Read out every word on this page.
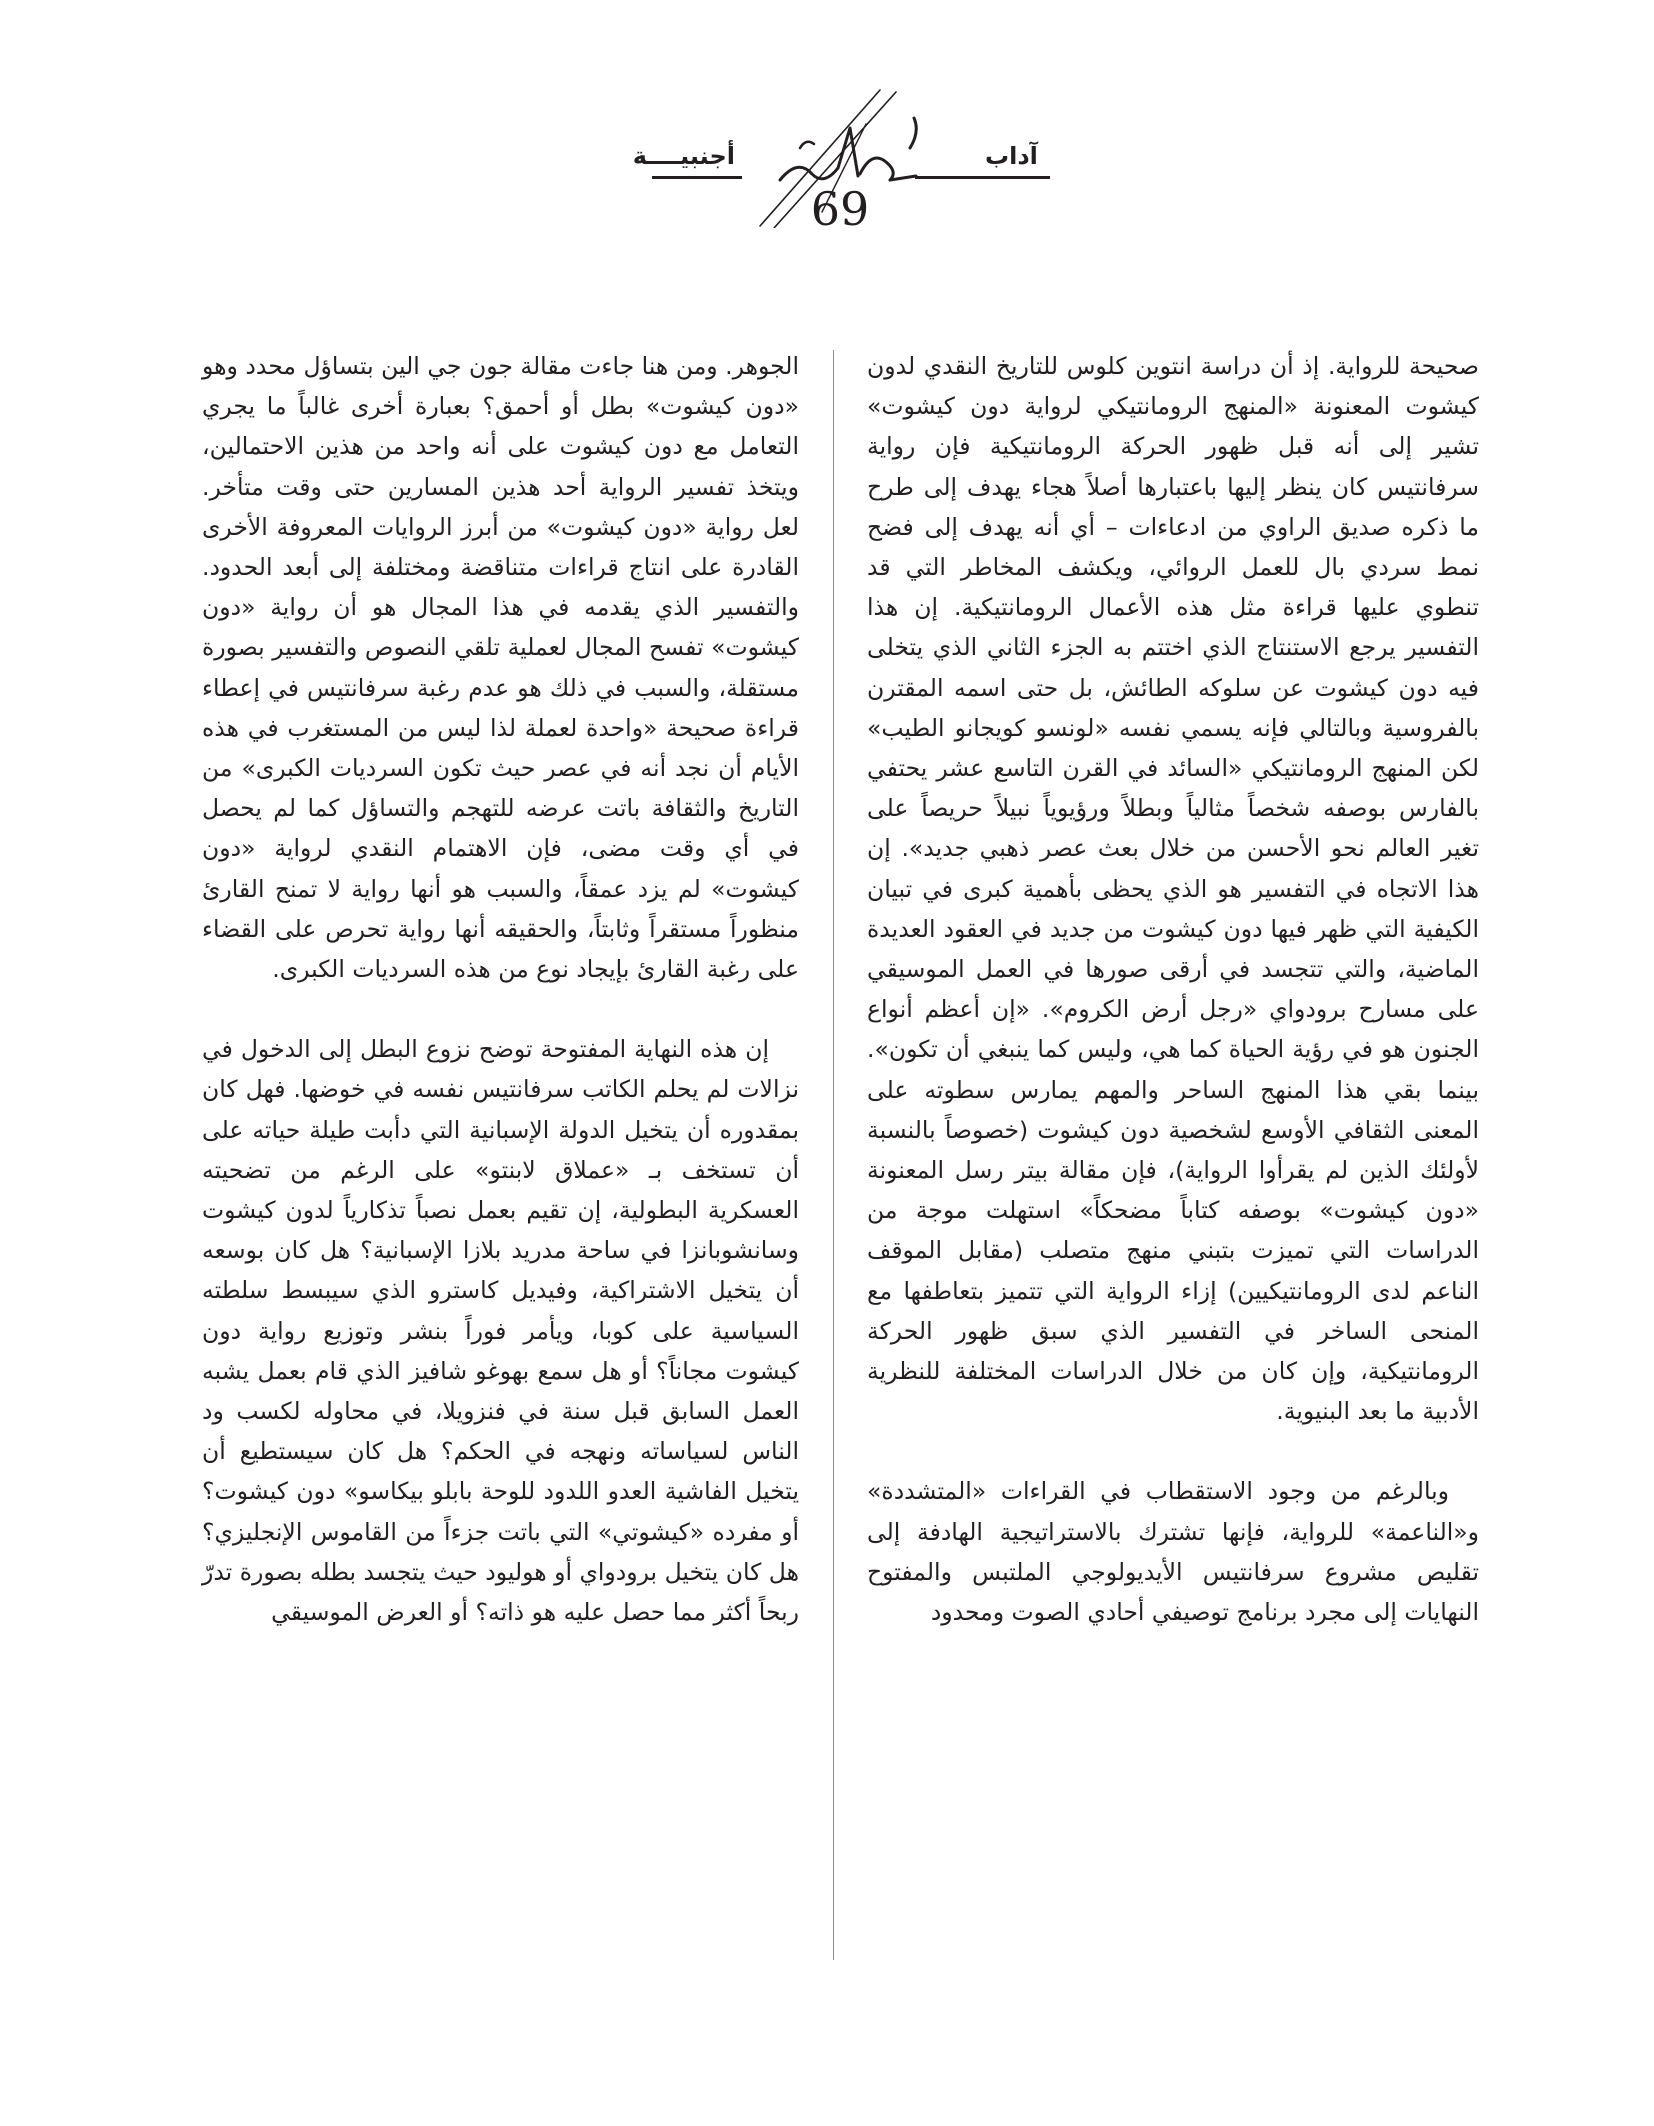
أجنبيــــة	آداب
69

صحيحة للرواية. إذ أن دراسة انتوين كلوس للتاريخ النقدي لدون كيشوت المعنونة «المنهج الرومانتيكي لرواية دون كيشوت» تشير إلى أنه قبل ظهور الحركة الرومانتيكية فإن رواية سرفانتيس كان ينظر إليها باعتبارها أصلاً هجاء يهدف إلى طرح ما ذكره صديق الراوي من ادعاءات – أي أنه يهدف إلى فضح نمط سردي بال للعمل الروائي، ويكشف المخاطر التي قد تنطوي عليها قراءة مثل هذه الأعمال الرومانتيكية. إن هذا التفسير يرجع الاستنتاج الذي اختتم به الجزء الثاني الذي يتخلى فيه دون كيشوت عن سلوكه الطائش، بل حتى اسمه المقترن بالفروسية وبالتالي فإنه يسمي نفسه «لونسو كويجانو الطيب» لكن المنهج الرومانتيكي «السائد في القرن التاسع عشر يحتفي بالفارس بوصفه شخصاً مثالياً وبطلاً ورؤيوياً نبيلاً حريصاً على تغير العالم نحو الأحسن من خلال بعث عصر ذهبي جديد». إن هذا الاتجاه في التفسير هو الذي يحظى بأهمية كبرى في تبيان الكيفية التي ظهر فيها دون كيشوت من جديد في العقود العديدة الماضية، والتي تتجسد في أرقى صورها في العمل الموسيقي على مسارح برودواي «رجل أرض الكروم». «إن أعظم أنواع الجنون هو في رؤية الحياة كما هي، وليس كما ينبغي أن تكون». بينما بقي هذا المنهج الساحر والمهم يمارس سطوته على المعنى الثقافي الأوسع لشخصية دون كيشوت (خصوصاً بالنسبة لأولئك الذين لم يقرأوا الرواية)، فإن مقالة بيتر رسل المعنونة «دون كيشوت» بوصفه كتاباً مضحكاً» استهلت موجة من الدراسات التي تميزت بتبني منهج متصلب (مقابل الموقف الناعم لدى الرومانتيكيين) إزاء الرواية التي تتميز بتعاطفها مع المنحى الساخر في التفسير الذي سبق ظهور الحركة الرومانتيكية، وإن كان من خلال الدراسات المختلفة للنظرية الأدبية ما بعد البنيوية.

وبالرغم من وجود الاستقطاب في القراءات «المتشددة» و«الناعمة» للرواية، فإنها تشترك بالاستراتيجية الهادفة إلى تقليص مشروع سرفانتيس الأيديولوجي الملتبس والمفتوح النهايات إلى مجرد برنامج توصيفي أحادي الصوت ومحدود

الجوهر. ومن هنا جاءت مقالة جون جي الين بتساؤل محدد وهو «دون كيشوت» بطل أو أحمق؟ بعبارة أخرى غالباً ما يجري التعامل مع دون كيشوت على أنه واحد من هذين الاحتمالين، ويتخذ تفسير الرواية أحد هذين المسارين حتى وقت متأخر. لعل رواية «دون كيشوت» من أبرز الروايات المعروفة الأخرى القادرة على انتاج قراءات متناقضة ومختلفة إلى أبعد الحدود. والتفسير الذي يقدمه في هذا المجال هو أن رواية «دون كيشوت» تفسح المجال لعملية تلقي النصوص والتفسير بصورة مستقلة، والسبب في ذلك هو عدم رغبة سرفانتيس في إعطاء قراءة صحيحة «واحدة لعملة لذا ليس من المستغرب في هذه الأيام أن نجد أنه في عصر حيث تكون السرديات الكبرى» من التاريخ والثقافة باتت عرضه للتهجم والتساؤل كما لم يحصل في أي وقت مضى، فإن الاهتمام النقدي لرواية «دون كيشوت» لم يزد عمقاً، والسبب هو أنها رواية لا تمنح القارئ منظوراً مستقراً وثابتاً، والحقيقه أنها رواية تحرص على القضاء على رغبة القارئ بإيجاد نوع من هذه السرديات الكبرى.

إن هذه النهاية المفتوحة توضح نزوع البطل إلى الدخول في نزالات لم يحلم الكاتب سرفانتيس نفسه في خوضها. فهل كان بمقدوره أن يتخيل الدولة الإسبانية التي دأبت طيلة حياته على أن تستخف بـ «عملاق لابنتو» على الرغم من تضحيته العسكرية البطولية، إن تقيم بعمل نصباً تذكارياً لدون كيشوت وسانشوبانزا في ساحة مدريد بلازا الإسبانية؟ هل كان بوسعه أن يتخيل الاشتراكية، وفيديل كاسترو الذي سيبسط سلطته السياسية على كوبا، ويأمر فوراً بنشر وتوزيع رواية دون كيشوت مجاناً؟ أو هل سمع بهوغو شافيز الذي قام بعمل يشبه العمل السابق قبل سنة في فنزويلا، في محاوله لكسب ود الناس لسياساته ونهجه في الحكم؟ هل كان سيستطيع أن يتخيل الفاشية العدو اللدود للوحة بابلو بيكاسو» دون كيشوت؟ أو مفرده «كيشوتي» التي باتت جزءاً من القاموس الإنجليزي؟ هل كان يتخيل برودواي أو هوليود حيث يتجسد بطله بصورة تدرّ ربحاً أكثر مما حصل عليه هو ذاته؟ أو العرض الموسيقي
